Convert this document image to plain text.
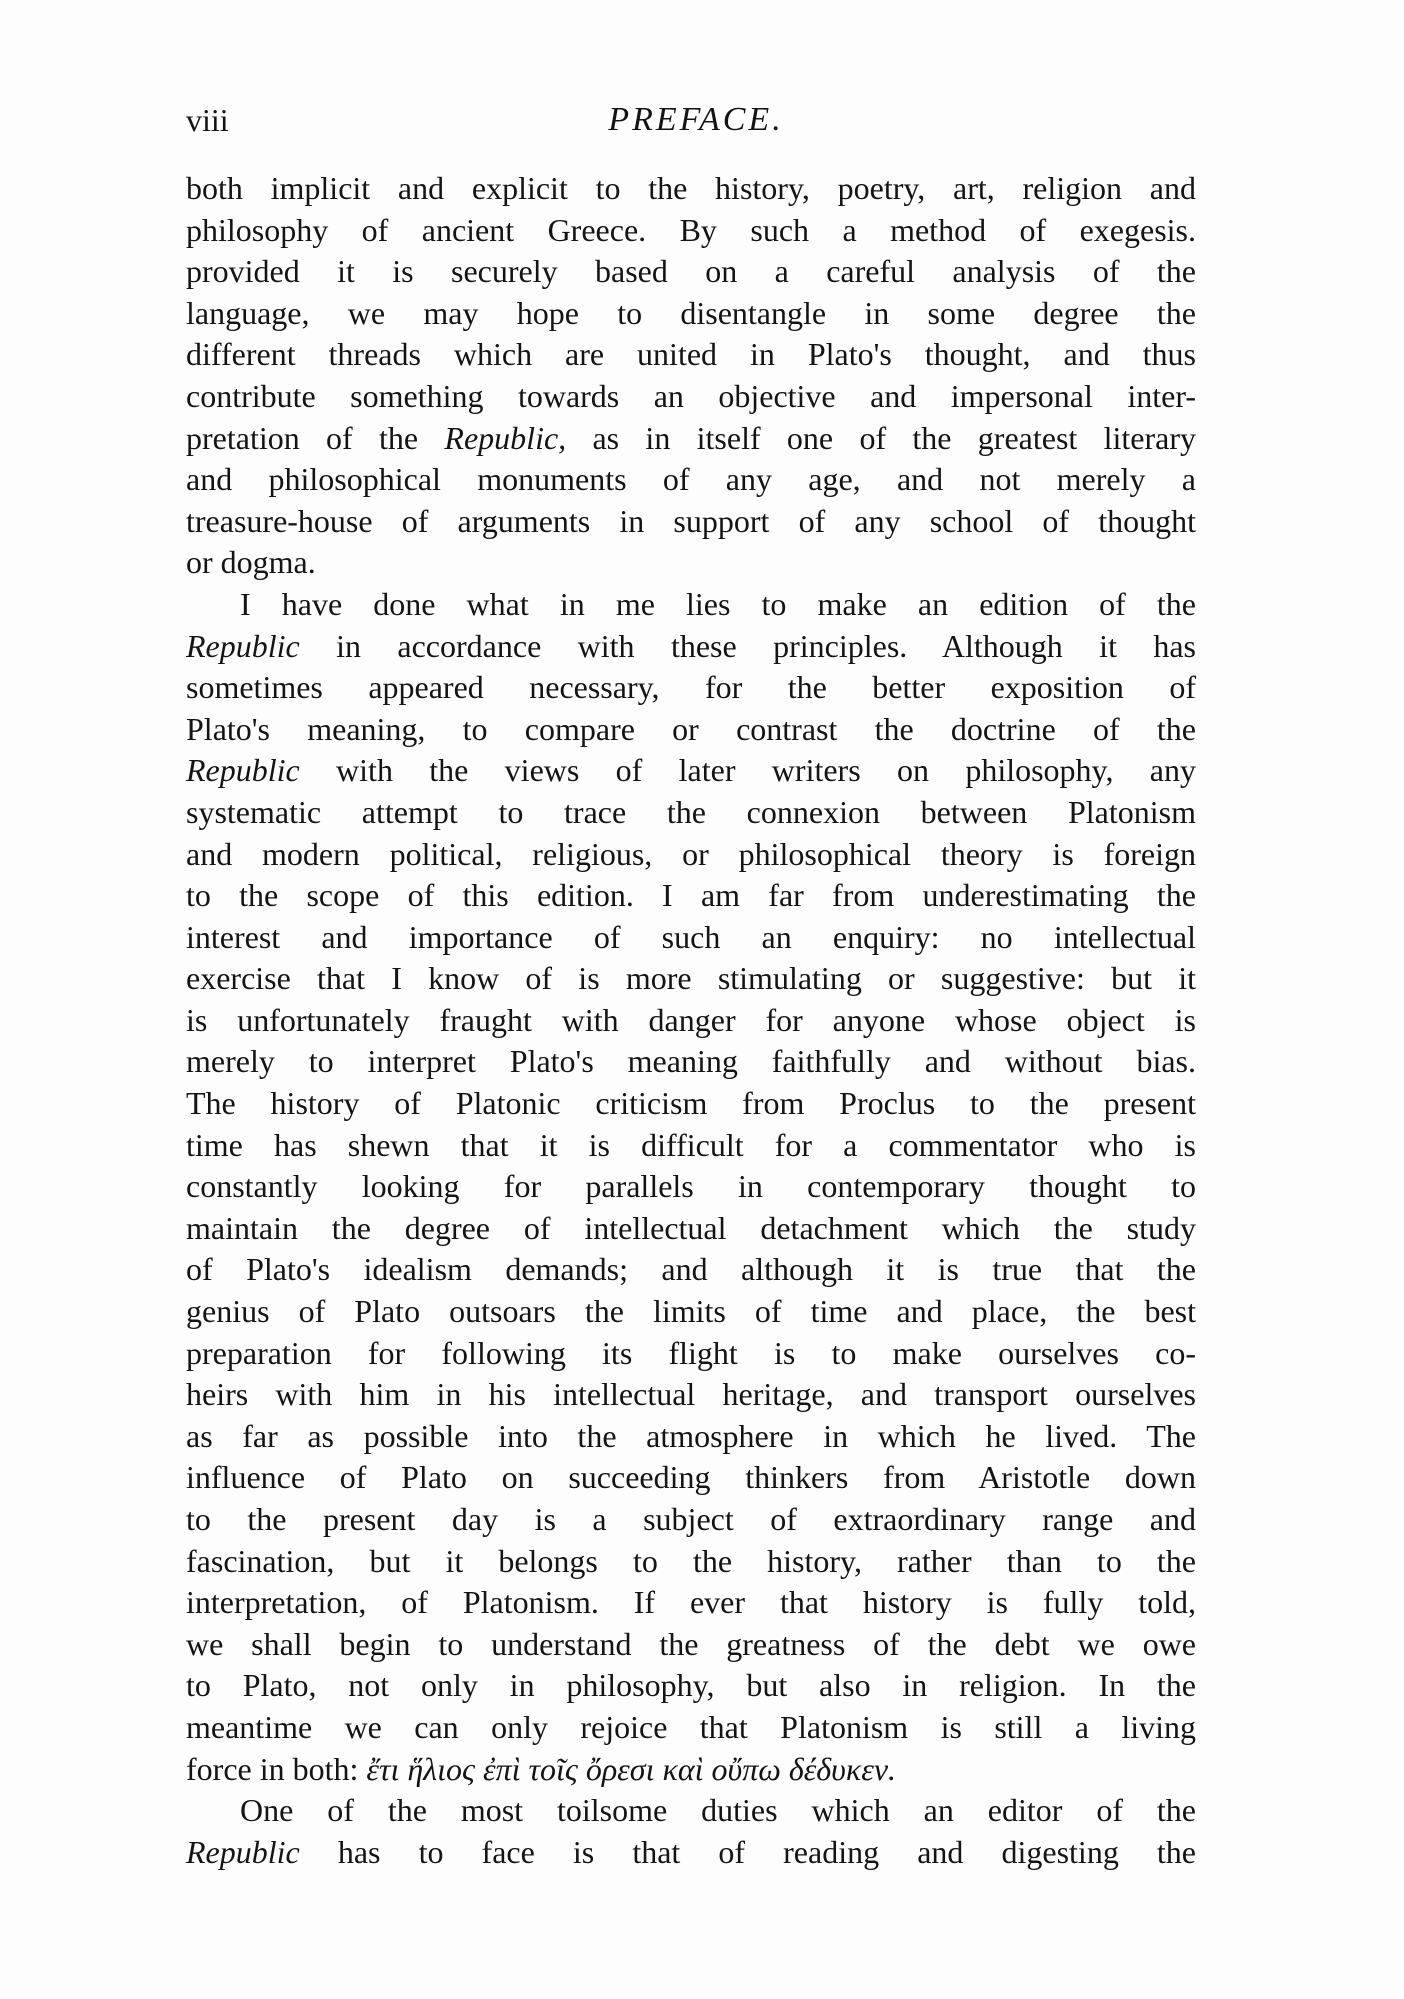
viii	PREFACE.
both implicit and explicit to the history, poetry, art, religion and
philosophy of ancient Greece. By such a method of exegesis.
provided it is securely based on a careful analysis of the
language, we may hope to disentangle in some degree the
different threads which are united in Plato's thought, and thus
contribute something towards an objective and impersonal inter-
pretation of the Republic, as in itself one of the greatest literary
and philosophical monuments of any age, and not merely a
treasure-house of arguments in support of any school of thought
or dogma.
I have done what in me lies to make an edition of the
Republic in accordance with these principles. Although it has
sometimes appeared necessary, for the better exposition of
Plato's meaning, to compare or contrast the doctrine of the
Republic with the views of later writers on philosophy, any
systematic attempt to trace the connexion between Platonism
and modern political, religious, or philosophical theory is foreign
to the scope of this edition. I am far from underestimating the
interest and importance of such an enquiry: no intellectual
exercise that I know of is more stimulating or suggestive: but it
is unfortunately fraught with danger for anyone whose object is
merely to interpret Plato's meaning faithfully and without bias.
The history of Platonic criticism from Proclus to the present
time has shewn that it is difficult for a commentator who is
constantly looking for parallels in contemporary thought to
maintain the degree of intellectual detachment which the study
of Plato's idealism demands; and although it is true that the
genius of Plato outsoars the limits of time and place, the best
preparation for following its flight is to make ourselves co-
heirs with him in his intellectual heritage, and transport ourselves
as far as possible into the atmosphere in which he lived. The
influence of Plato on succeeding thinkers from Aristotle down
to the present day is a subject of extraordinary range and
fascination, but it belongs to the history, rather than to the
interpretation, of Platonism. If ever that history is fully told,
we shall begin to understand the greatness of the debt we owe
to Plato, not only in philosophy, but also in religion. In the
meantime we can only rejoice that Platonism is still a living
force in both: ἔτι ἥλιος ἐπὶ τοῖς ὄρεσι καὶ οὔπω δέδυκεν.
One of the most toilsome duties which an editor of the
Republic has to face is that of reading and digesting the
